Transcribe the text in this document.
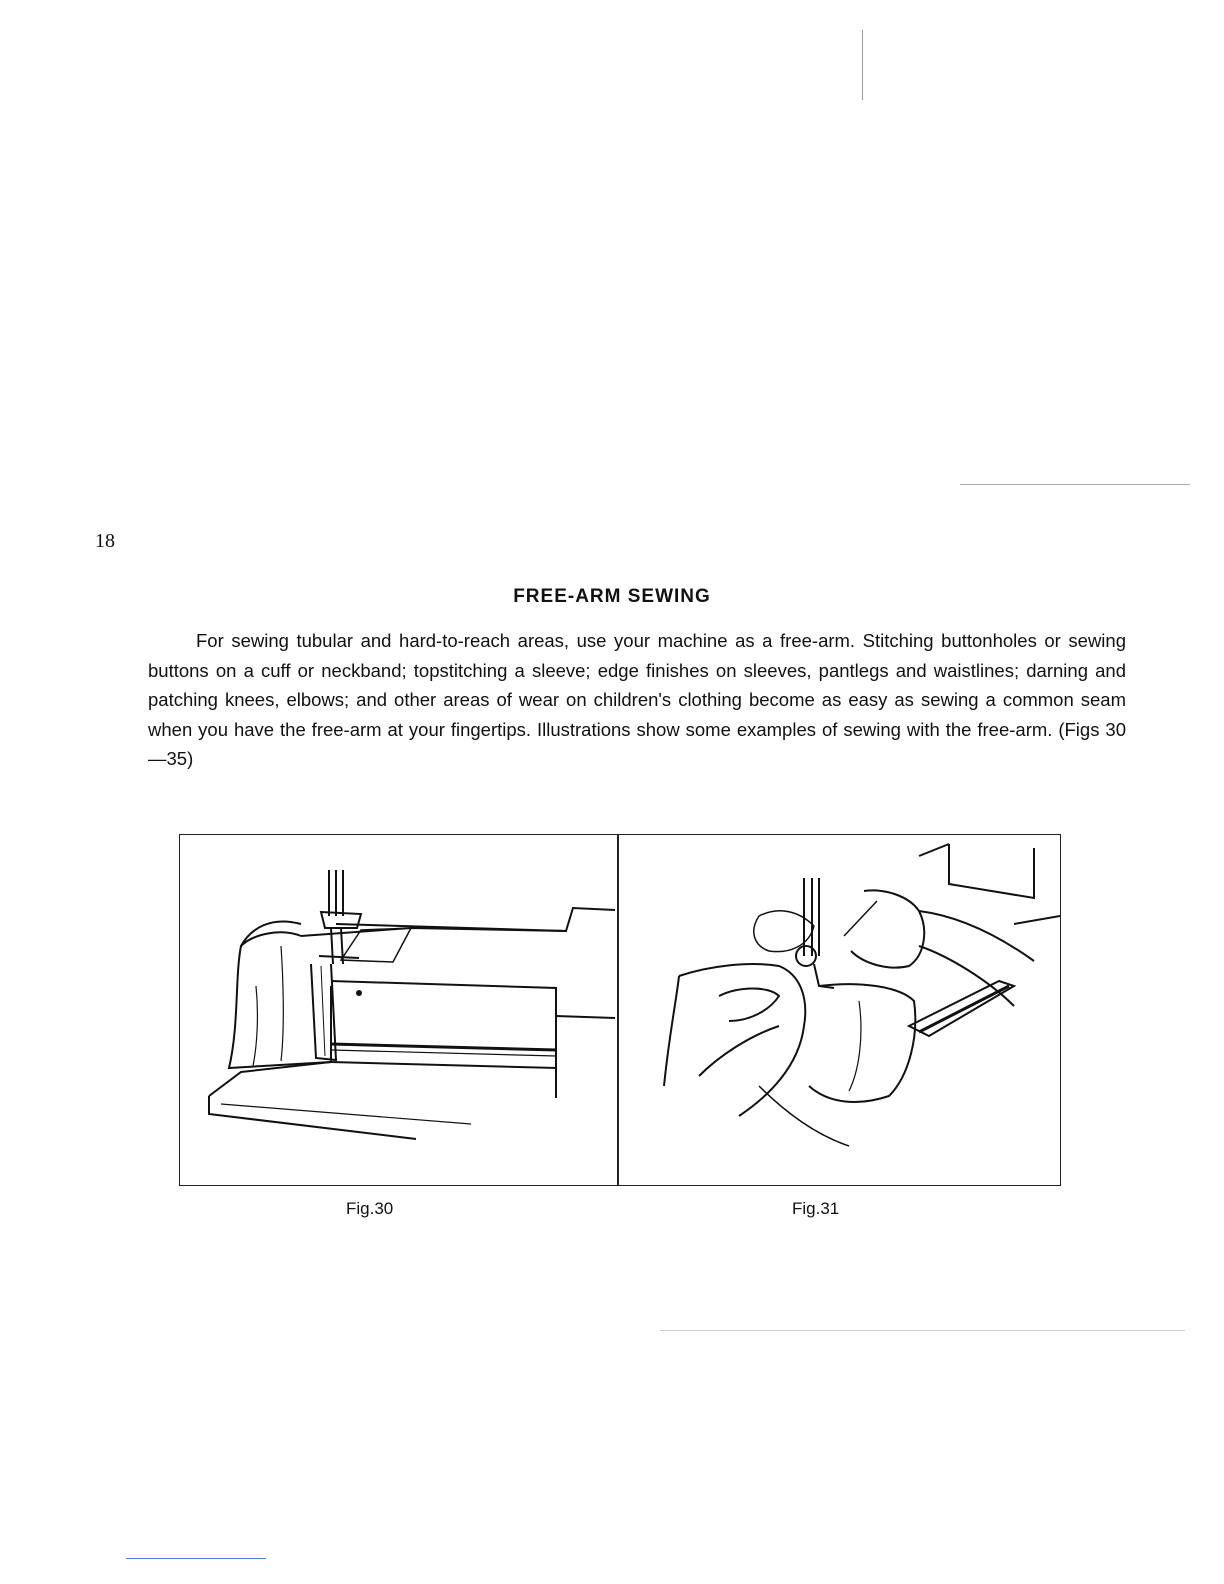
18
FREE-ARM SEWING
For sewing tubular and hard-to-reach areas, use your machine as a free-arm. Stitching buttonholes or sewing buttons on a cuff or neckband; topstitching a sleeve; edge finishes on sleeves, pantlegs and waistlines; darning and patching knees, elbows; and other areas of wear on children's clothing become as easy as sewing a common seam when you have the free-arm at your fingertips. Illustrations show some examples of sewing with the free-arm. (Figs 30—35)
Fig.30	Fig.31
